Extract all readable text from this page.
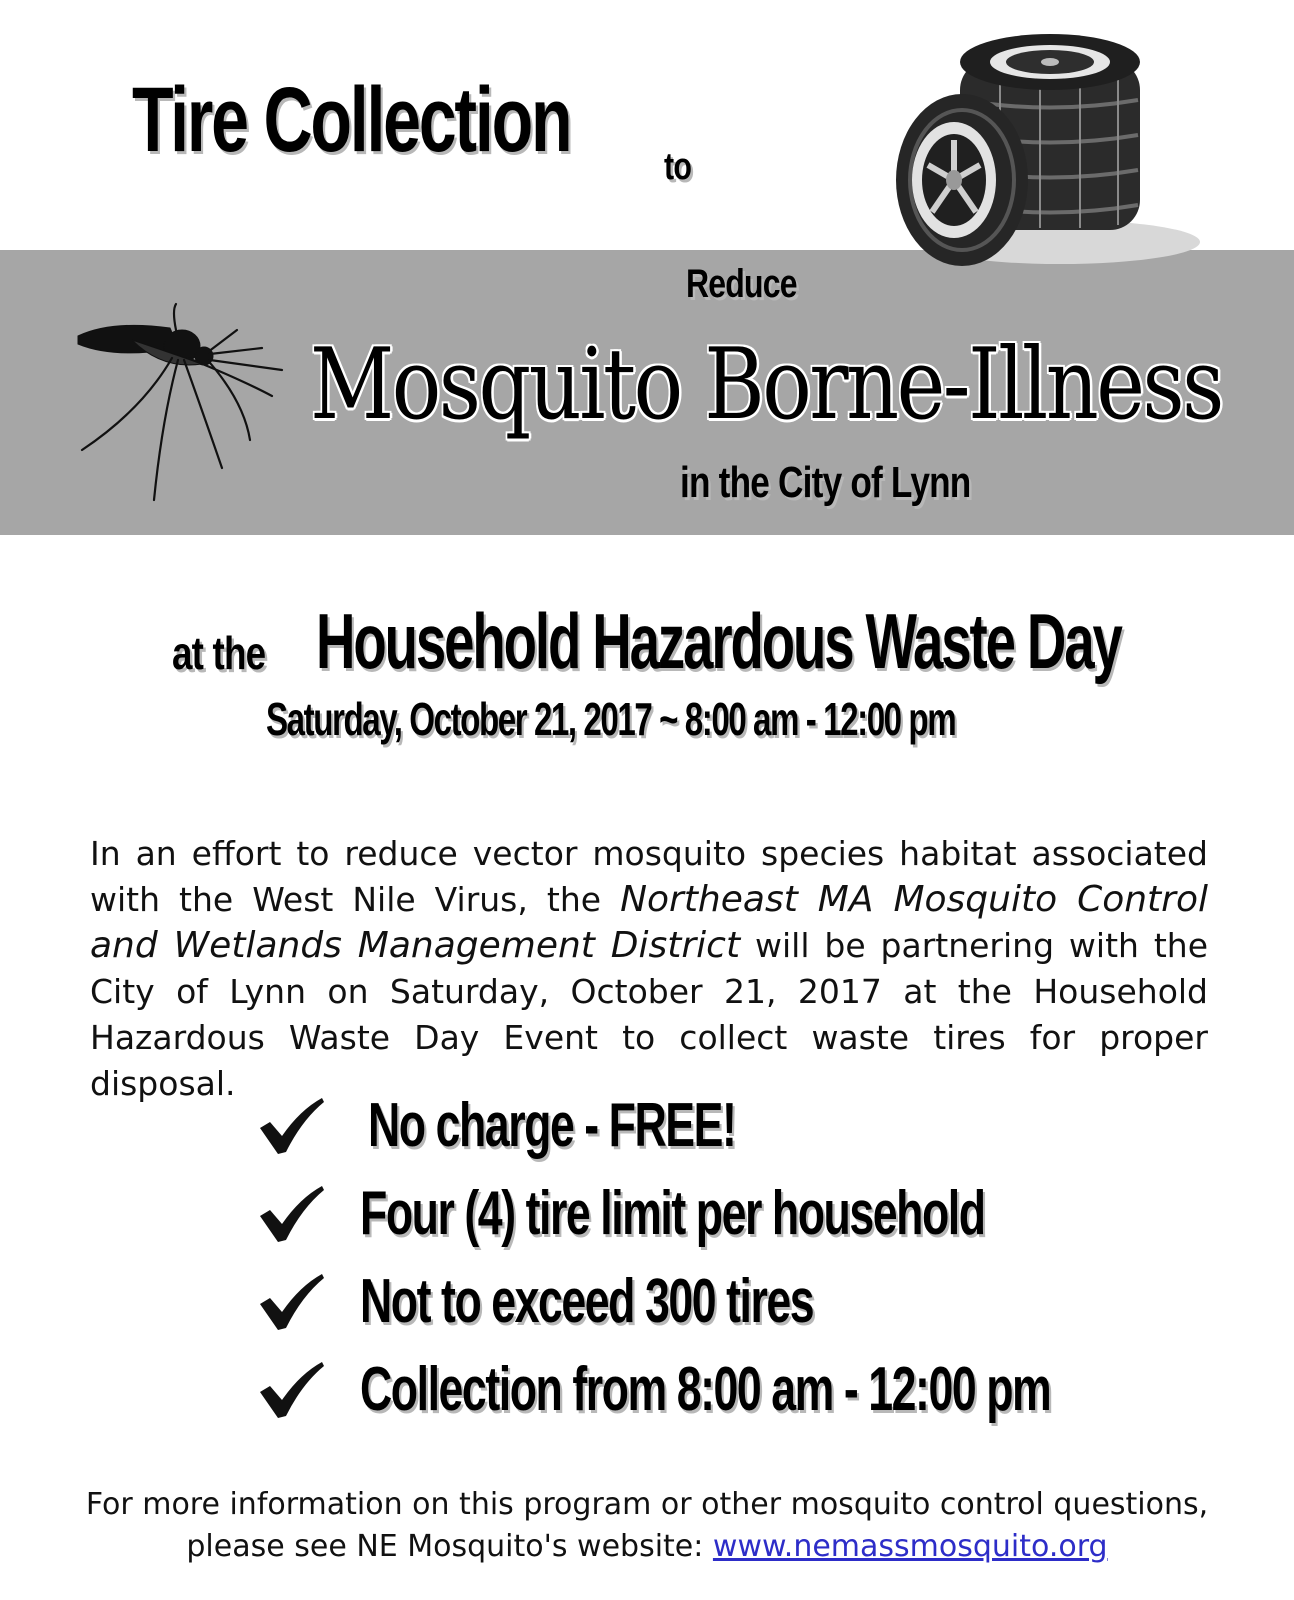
Tire Collection to
Reduce
Mosquito Borne-Illness
in the City of Lynn
at the Household Hazardous Waste Day
Saturday, October 21, 2017 ~ 8:00 am - 12:00 pm

In an effort to reduce vector mosquito species habitat associated with the West Nile Virus, the Northeast MA Mosquito Control and Wetlands Management District will be partnering with the City of Lynn on Saturday, October 21, 2017 at the Household Hazardous Waste Day Event to collect waste tires for proper disposal.

No charge - FREE!
Four (4) tire limit per household
Not to exceed 300 tires
Collection from 8:00 am - 12:00 pm
For more information on this program or other mosquito control questions,
please see NE Mosquito's website: www.nemassmosquito.org
